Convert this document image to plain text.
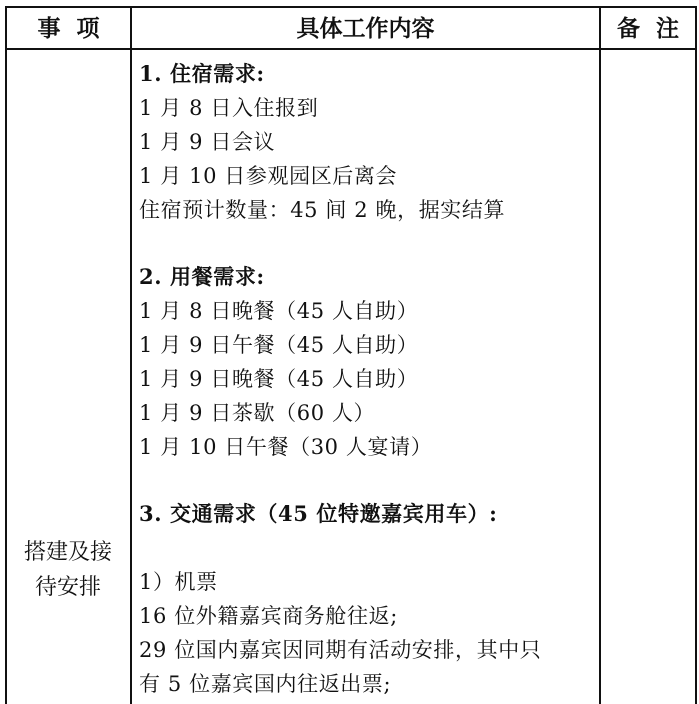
事  项	具体工作内容	备  注
搭建及接
待安排
1. 住宿需求:
1 月 8 日入住报到
1 月 9 日会议
1 月 10 日参观园区后离会
住宿预计数量：45 间 2 晚，据实结算
2. 用餐需求:
1 月 8 日晚餐（45 人自助）
1 月 9 日午餐（45 人自助）
1 月 9 日晚餐（45 人自助）
1 月 9 日茶歇（60 人）
1 月 10 日午餐（30 人宴请）
3. 交通需求（45 位特邀嘉宾用车）:
1）机票
16 位外籍嘉宾商务舱往返;
29 位国内嘉宾因同期有活动安排，其中只
有 5 位嘉宾国内往返出票;
